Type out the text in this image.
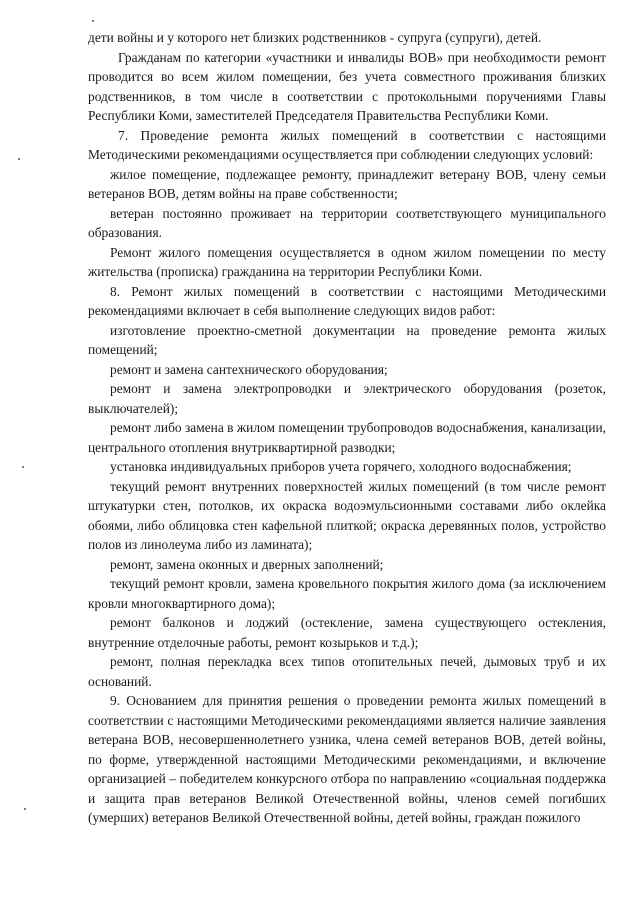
дети войны и у которого нет близких родственников - супруга (супруги), детей.

Гражданам по категории «участники и инвалиды ВОВ» при необходимости ремонт проводится во всем жилом помещении, без учета совместного проживания близких родственников, в том числе в соответствии с протокольными поручениями Главы Республики Коми, заместителей Председателя Правительства Республики Коми.

7. Проведение ремонта жилых помещений в соответствии с настоящими Методическими рекомендациями осуществляется при соблюдении следующих условий:

жилое помещение, подлежащее ремонту, принадлежит ветерану ВОВ, члену семьи ветеранов ВОВ, детям войны на праве собственности;

ветеран постоянно проживает на территории соответствующего муниципального образования.

Ремонт жилого помещения осуществляется в одном жилом помещении по месту жительства (прописка) гражданина на территории Республики Коми.

8. Ремонт жилых помещений в соответствии с настоящими Методическими рекомендациями включает в себя выполнение следующих видов работ:

изготовление проектно-сметной документации на проведение ремонта жилых помещений;

ремонт и замена сантехнического оборудования;

ремонт и замена электропроводки и электрического оборудования (розеток, выключателей);

ремонт либо замена в жилом помещении трубопроводов водоснабжения, канализации, центрального отопления внутриквартирной разводки;

установка индивидуальных приборов учета горячего, холодного водоснабжения;

текущий ремонт внутренних поверхностей жилых помещений (в том числе ремонт штукатурки стен, потолков, их окраска водоэмульсионными составами либо оклейка обоями, либо облицовка стен кафельной плиткой; окраска деревянных полов, устройство полов из линолеума либо из ламината);

ремонт, замена оконных и дверных заполнений;

текущий ремонт кровли, замена кровельного покрытия жилого дома (за исключением кровли многоквартирного дома);

ремонт балконов и лоджий (остекление, замена существующего остекления, внутренние отделочные работы, ремонт козырьков и т.д.);

ремонт, полная перекладка всех типов отопительных печей, дымовых труб и их оснований.

9. Основанием для принятия решения о проведении ремонта жилых помещений в соответствии с настоящими Методическими рекомендациями является наличие заявления ветерана ВОВ, несовершеннолетнего узника, члена семей ветеранов ВОВ, детей войны, по форме, утвержденной настоящими Методическими рекомендациями, и включение организацией – победителем конкурсного отбора по направлению «социальная поддержка и защита прав ветеранов Великой Отечественной войны, членов семей погибших (умерших) ветеранов Великой Отечественной войны, детей войны, граждан пожилого
